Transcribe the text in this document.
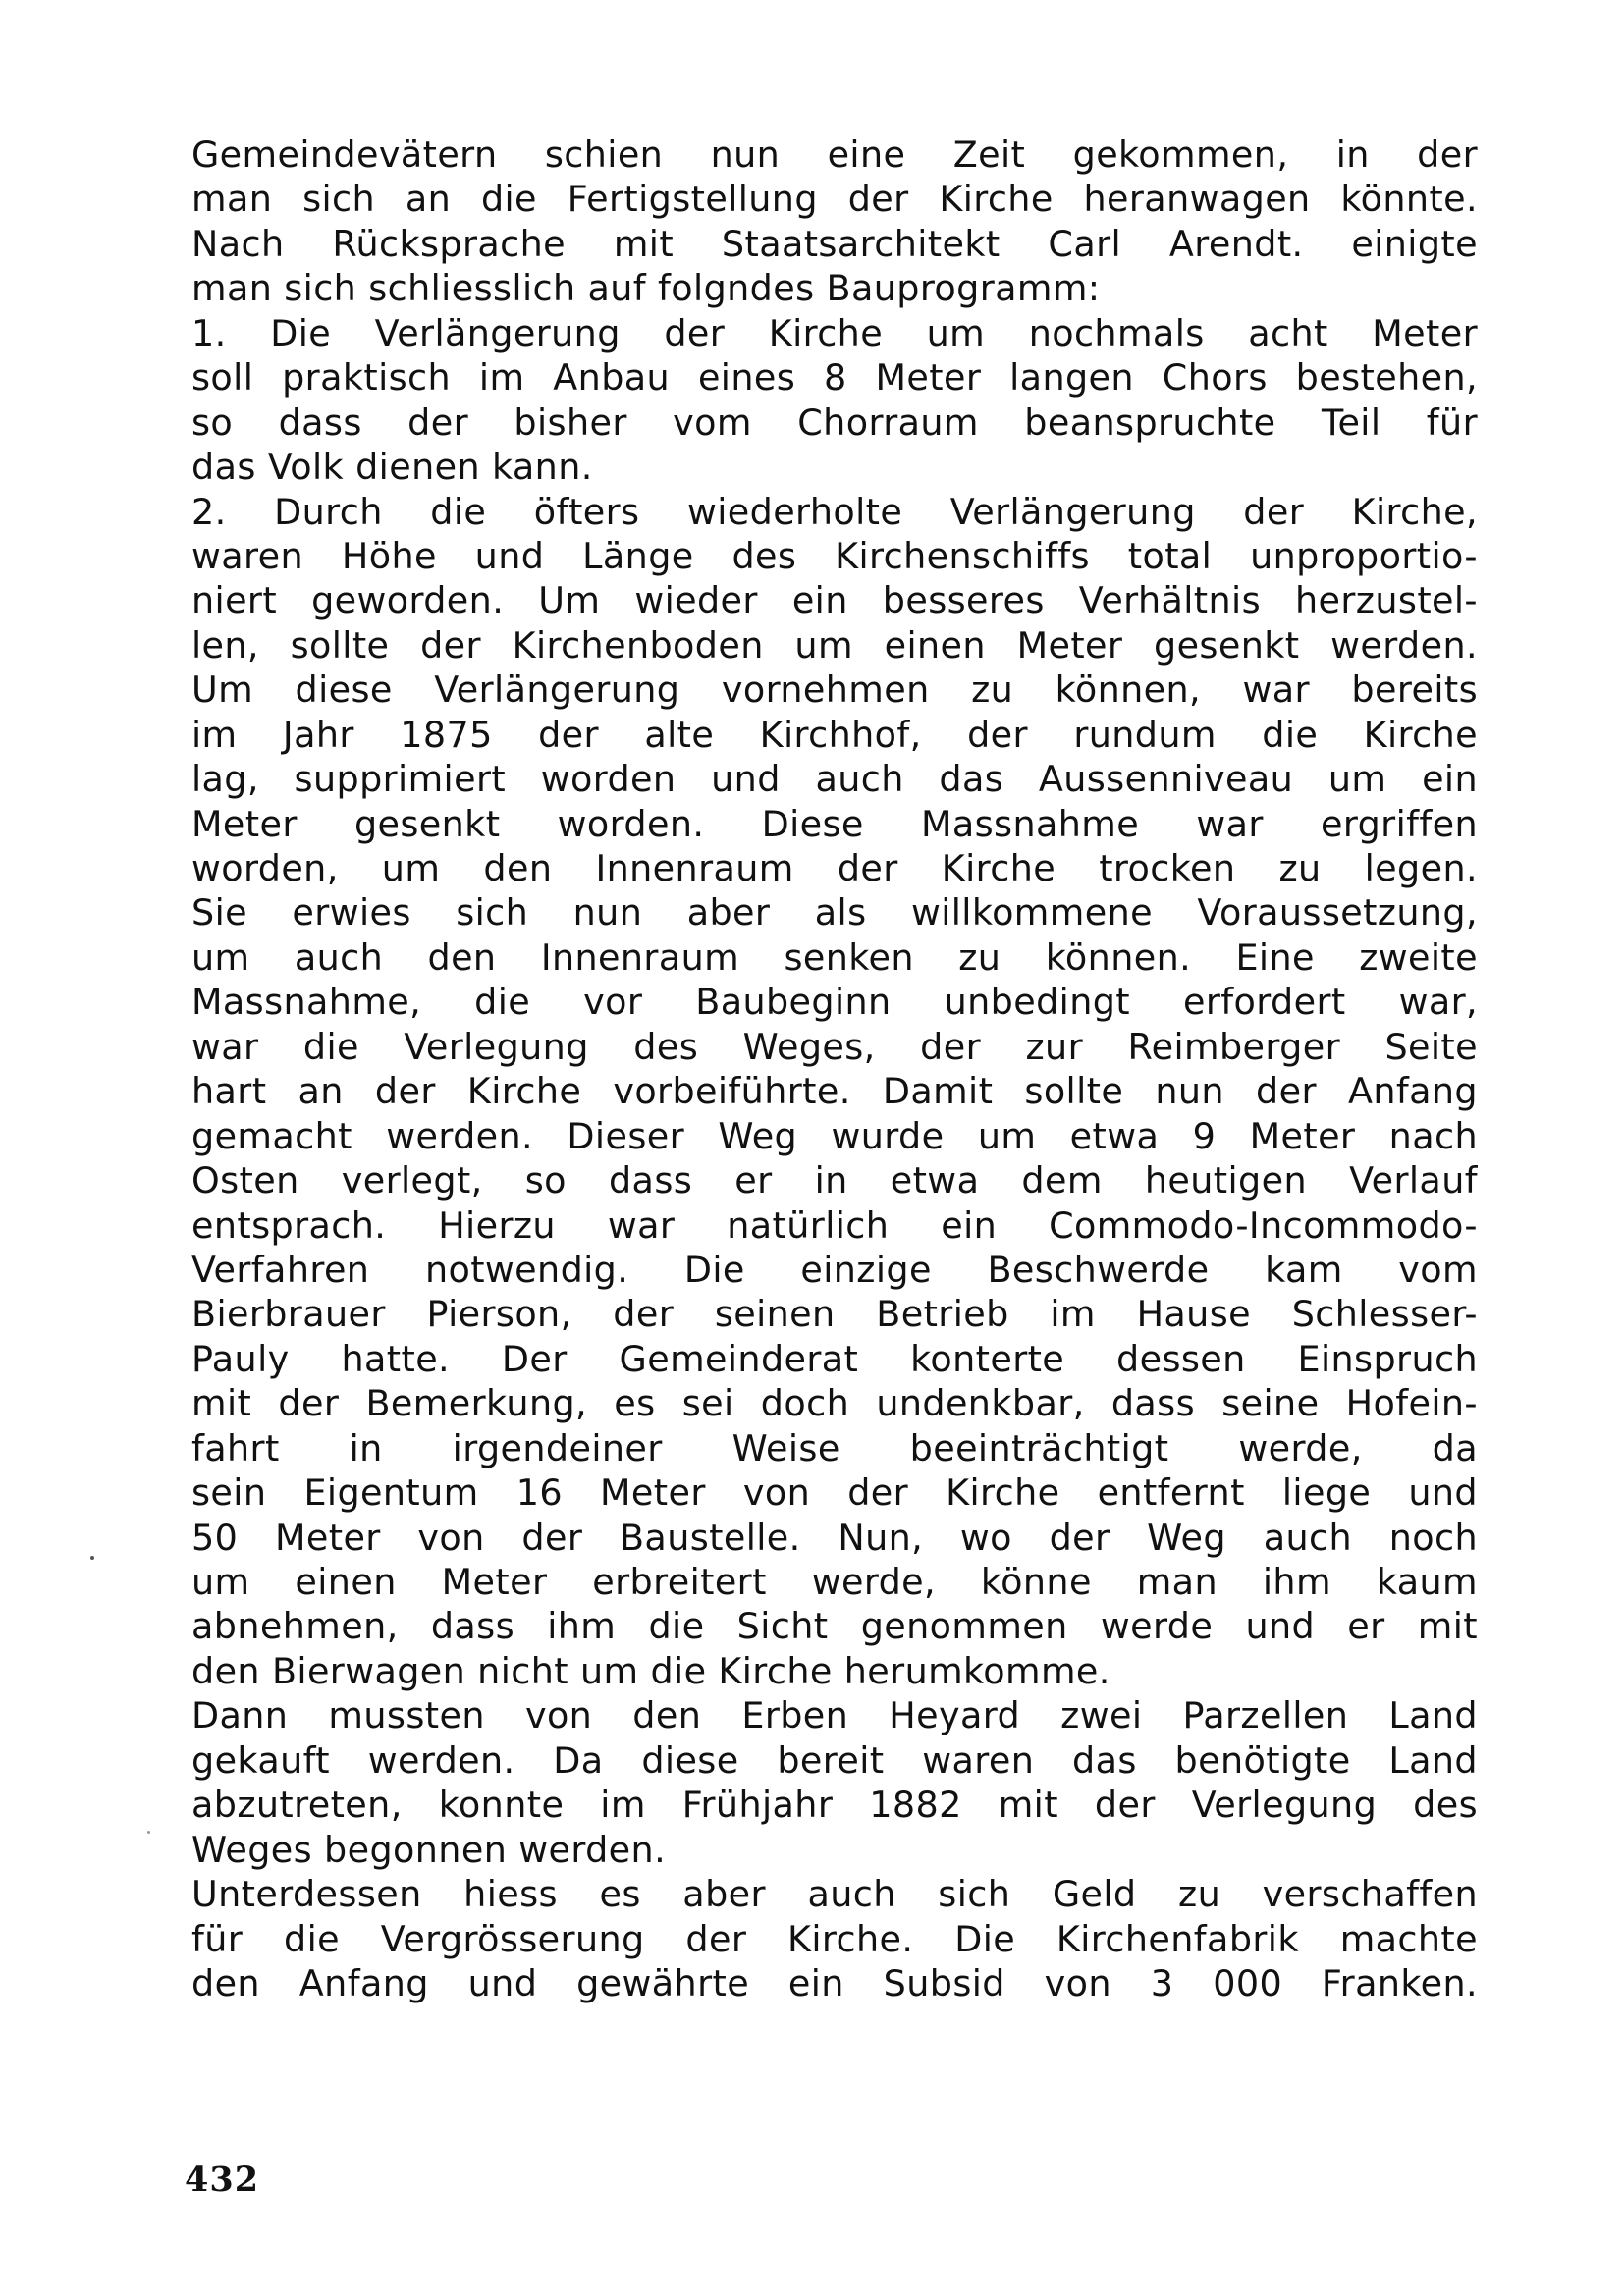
Gemeindevätern schien nun eine Zeit gekommen, in der
man sich an die Fertigstellung der Kirche heranwagen könnte.
Nach Rücksprache mit Staatsarchitekt Carl Arendt. einigte
man sich schliesslich auf folgndes Bauprogramm:
1. Die Verlängerung der Kirche um nochmals acht Meter
soll praktisch im Anbau eines 8 Meter langen Chors bestehen,
so dass der bisher vom Chorraum beanspruchte Teil für
das Volk dienen kann.
2. Durch die öfters wiederholte Verlängerung der Kirche,
waren Höhe und Länge des Kirchenschiffs total unproportio-
niert geworden. Um wieder ein besseres Verhältnis herzustel-
len, sollte der Kirchenboden um einen Meter gesenkt werden.
Um diese Verlängerung vornehmen zu können, war bereits
im Jahr 1875 der alte Kirchhof, der rundum die Kirche
lag, supprimiert worden und auch das Aussenniveau um ein
Meter gesenkt worden. Diese Massnahme war ergriffen
worden, um den Innenraum der Kirche trocken zu legen.
Sie erwies sich nun aber als willkommene Voraussetzung,
um auch den Innenraum senken zu können. Eine zweite
Massnahme, die vor Baubeginn unbedingt erfordert war,
war die Verlegung des Weges, der zur Reimberger Seite
hart an der Kirche vorbeiführte. Damit sollte nun der Anfang
gemacht werden. Dieser Weg wurde um etwa 9 Meter nach
Osten verlegt, so dass er in etwa dem heutigen Verlauf
entsprach. Hierzu war natürlich ein Commodo-Incommodo-
Verfahren notwendig. Die einzige Beschwerde kam vom
Bierbrauer Pierson, der seinen Betrieb im Hause Schlesser-
Pauly hatte. Der Gemeinderat konterte dessen Einspruch
mit der Bemerkung, es sei doch undenkbar, dass seine Hofein-
fahrt in irgendeiner Weise beeinträchtigt werde, da
sein Eigentum 16 Meter von der Kirche entfernt liege und
50 Meter von der Baustelle. Nun, wo der Weg auch noch
um einen Meter erbreitert werde, könne man ihm kaum
abnehmen, dass ihm die Sicht genommen werde und er mit
den Bierwagen nicht um die Kirche herumkomme.
Dann mussten von den Erben Heyard zwei Parzellen Land
gekauft werden. Da diese bereit waren das benötigte Land
abzutreten, konnte im Frühjahr 1882 mit der Verlegung des
Weges begonnen werden.
Unterdessen hiess es aber auch sich Geld zu verschaffen
für die Vergrösserung der Kirche. Die Kirchenfabrik machte
den Anfang und gewährte ein Subsid von 3 000 Franken.
432
